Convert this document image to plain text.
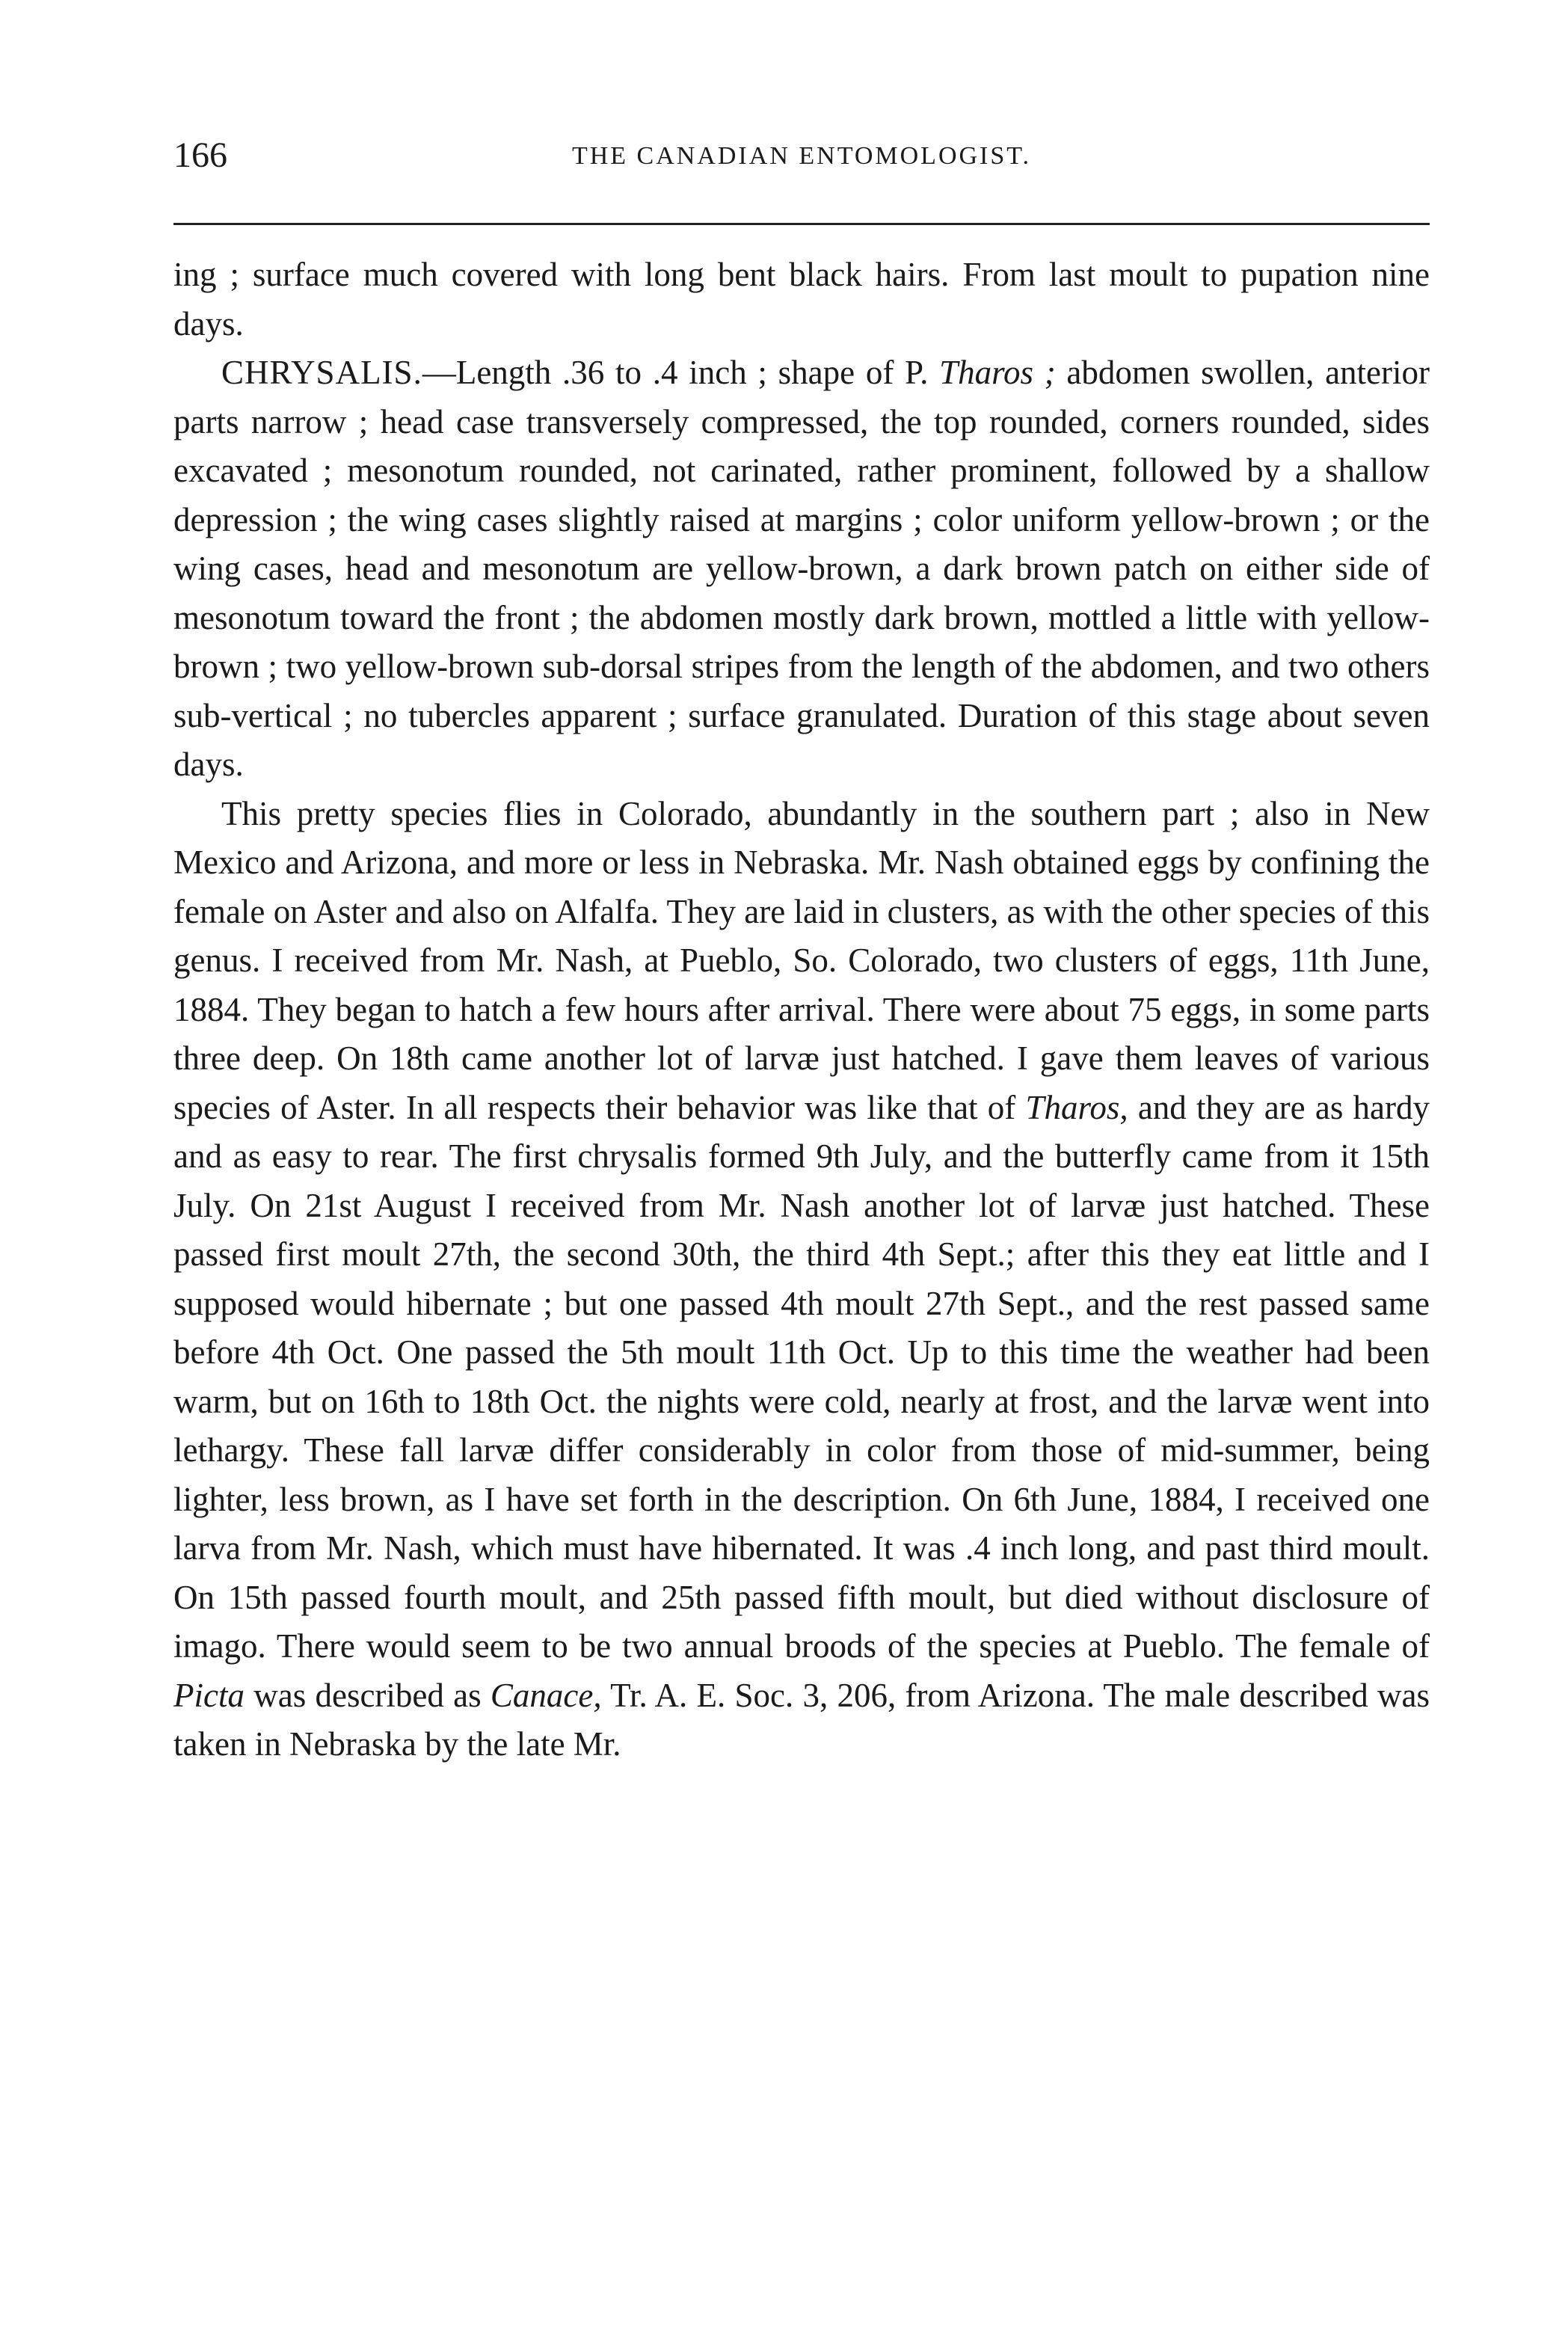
166	THE CANADIAN ENTOMOLOGIST.

ing ; surface much covered with long bent black hairs. From last moult to pupation nine days.

CHRYSALIS.—Length .36 to .4 inch ; shape of P. Tharos ; abdomen swollen, anterior parts narrow ; head case transversely compressed, the top rounded, corners rounded, sides excavated ; mesonotum rounded, not carinated, rather prominent, followed by a shallow depression ; the wing cases slightly raised at margins ; color uniform yellow-brown ; or the wing cases, head and mesonotum are yellow-brown, a dark brown patch on either side of mesonotum toward the front ; the abdomen mostly dark brown, mottled a little with yellow-brown ; two yellow-brown sub-dorsal stripes from the length of the abdomen, and two others sub-vertical ; no tubercles apparent ; surface granulated. Duration of this stage about seven days.

This pretty species flies in Colorado, abundantly in the southern part ; also in New Mexico and Arizona, and more or less in Nebraska. Mr. Nash obtained eggs by confining the female on Aster and also on Alfalfa. They are laid in clusters, as with the other species of this genus. I received from Mr. Nash, at Pueblo, So. Colorado, two clusters of eggs, 11th June, 1884. They began to hatch a few hours after arrival. There were about 75 eggs, in some parts three deep. On 18th came another lot of larvæ just hatched. I gave them leaves of various species of Aster. In all respects their behavior was like that of Tharos, and they are as hardy and as easy to rear. The first chrysalis formed 9th July, and the butterfly came from it 15th July. On 21st August I received from Mr. Nash another lot of larvæ just hatched. These passed first moult 27th, the second 30th, the third 4th Sept.; after this they eat little and I supposed would hibernate ; but one passed 4th moult 27th Sept., and the rest passed same before 4th Oct. One passed the 5th moult 11th Oct. Up to this time the weather had been warm, but on 16th to 18th Oct. the nights were cold, nearly at frost, and the larvæ went into lethargy. These fall larvæ differ considerably in color from those of mid-summer, being lighter, less brown, as I have set forth in the description. On 6th June, 1884, I received one larva from Mr. Nash, which must have hibernated. It was .4 inch long, and past third moult. On 15th passed fourth moult, and 25th passed fifth moult, but died without disclosure of imago. There would seem to be two annual broods of the species at Pueblo. The female of Picta was described as Canace, Tr. A. E. Soc. 3, 206, from Arizona. The male described was taken in Nebraska by the late Mr.
